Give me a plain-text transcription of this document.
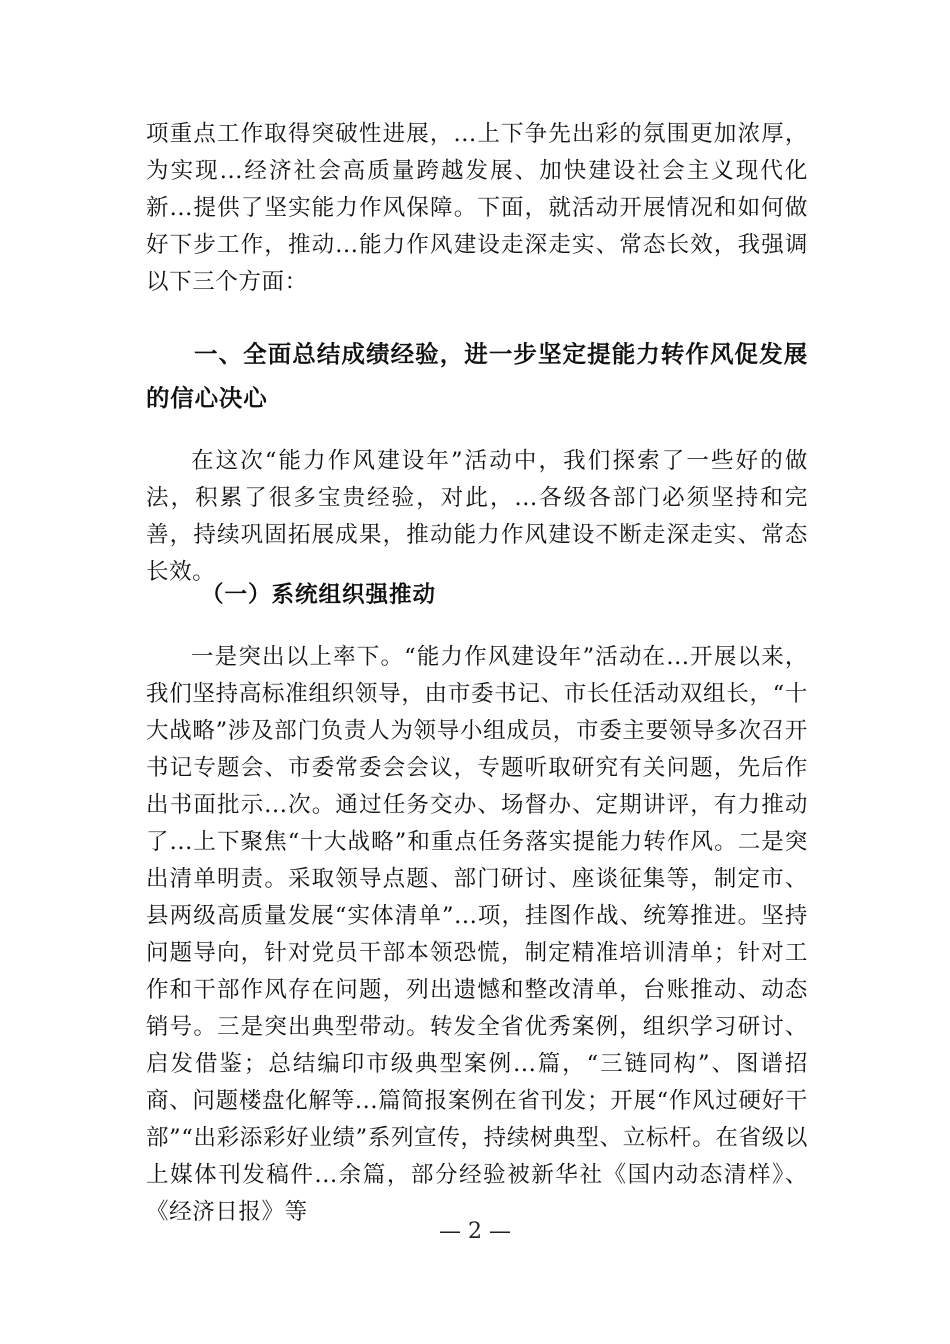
项重点工作取得突破性进展，...上下争先出彩的氛围更加浓厚，为实现...经济社会高质量跨越发展、加快建设社会主义现代化新...提供了坚实能力作风保障。下面，就活动开展情况和如何做好下步工作，推动...能力作风建设走深走实、常态长效，我强调以下三个方面：

一、全面总结成绩经验，进一步坚定提能力转作风促发展的信心决心

在这次“能力作风建设年”活动中，我们探索了一些好的做法，积累了很多宝贵经验，对此，...各级各部门必须坚持和完善，持续巩固拓展成果，推动能力作风建设不断走深走实、常态长效。

（一）系统组织强推动

一是突出以上率下。“能力作风建设年”活动在...开展以来，我们坚持高标准组织领导，由市委书记、市长任活动双组长，“十大战略”涉及部门负责人为领导小组成员，市委主要领导多次召开书记专题会、市委常委会会议，专题听取研究有关问题，先后作出书面批示...次。通过任务交办、场督办、定期讲评，有力推动了...上下聚焦“十大战略”和重点任务落实提能力转作风。二是突出清单明责。采取领导点题、部门研讨、座谈征集等，制定市、县两级高质量发展“实体清单”...项，挂图作战、统筹推进。坚持问题导向，针对党员干部本领恐慌，制定精准培训清单；针对工作和干部作风存在问题，列出遗憾和整改清单，台账推动、动态销号。三是突出典型带动。转发全省优秀案例，组织学习研讨、启发借鉴；总结编印市级典型案例...篇，“三链同构”、图谱招商、问题楼盘化解等...篇简报案例在省刊发；开展“作风过硬好干部”“出彩添彩好业绩”系列宣传，持续树典型、立标杆。在省级以上媒体刊发稿件...余篇，部分经验被新华社《国内动态清样》、《经济日报》等

— 2 —
